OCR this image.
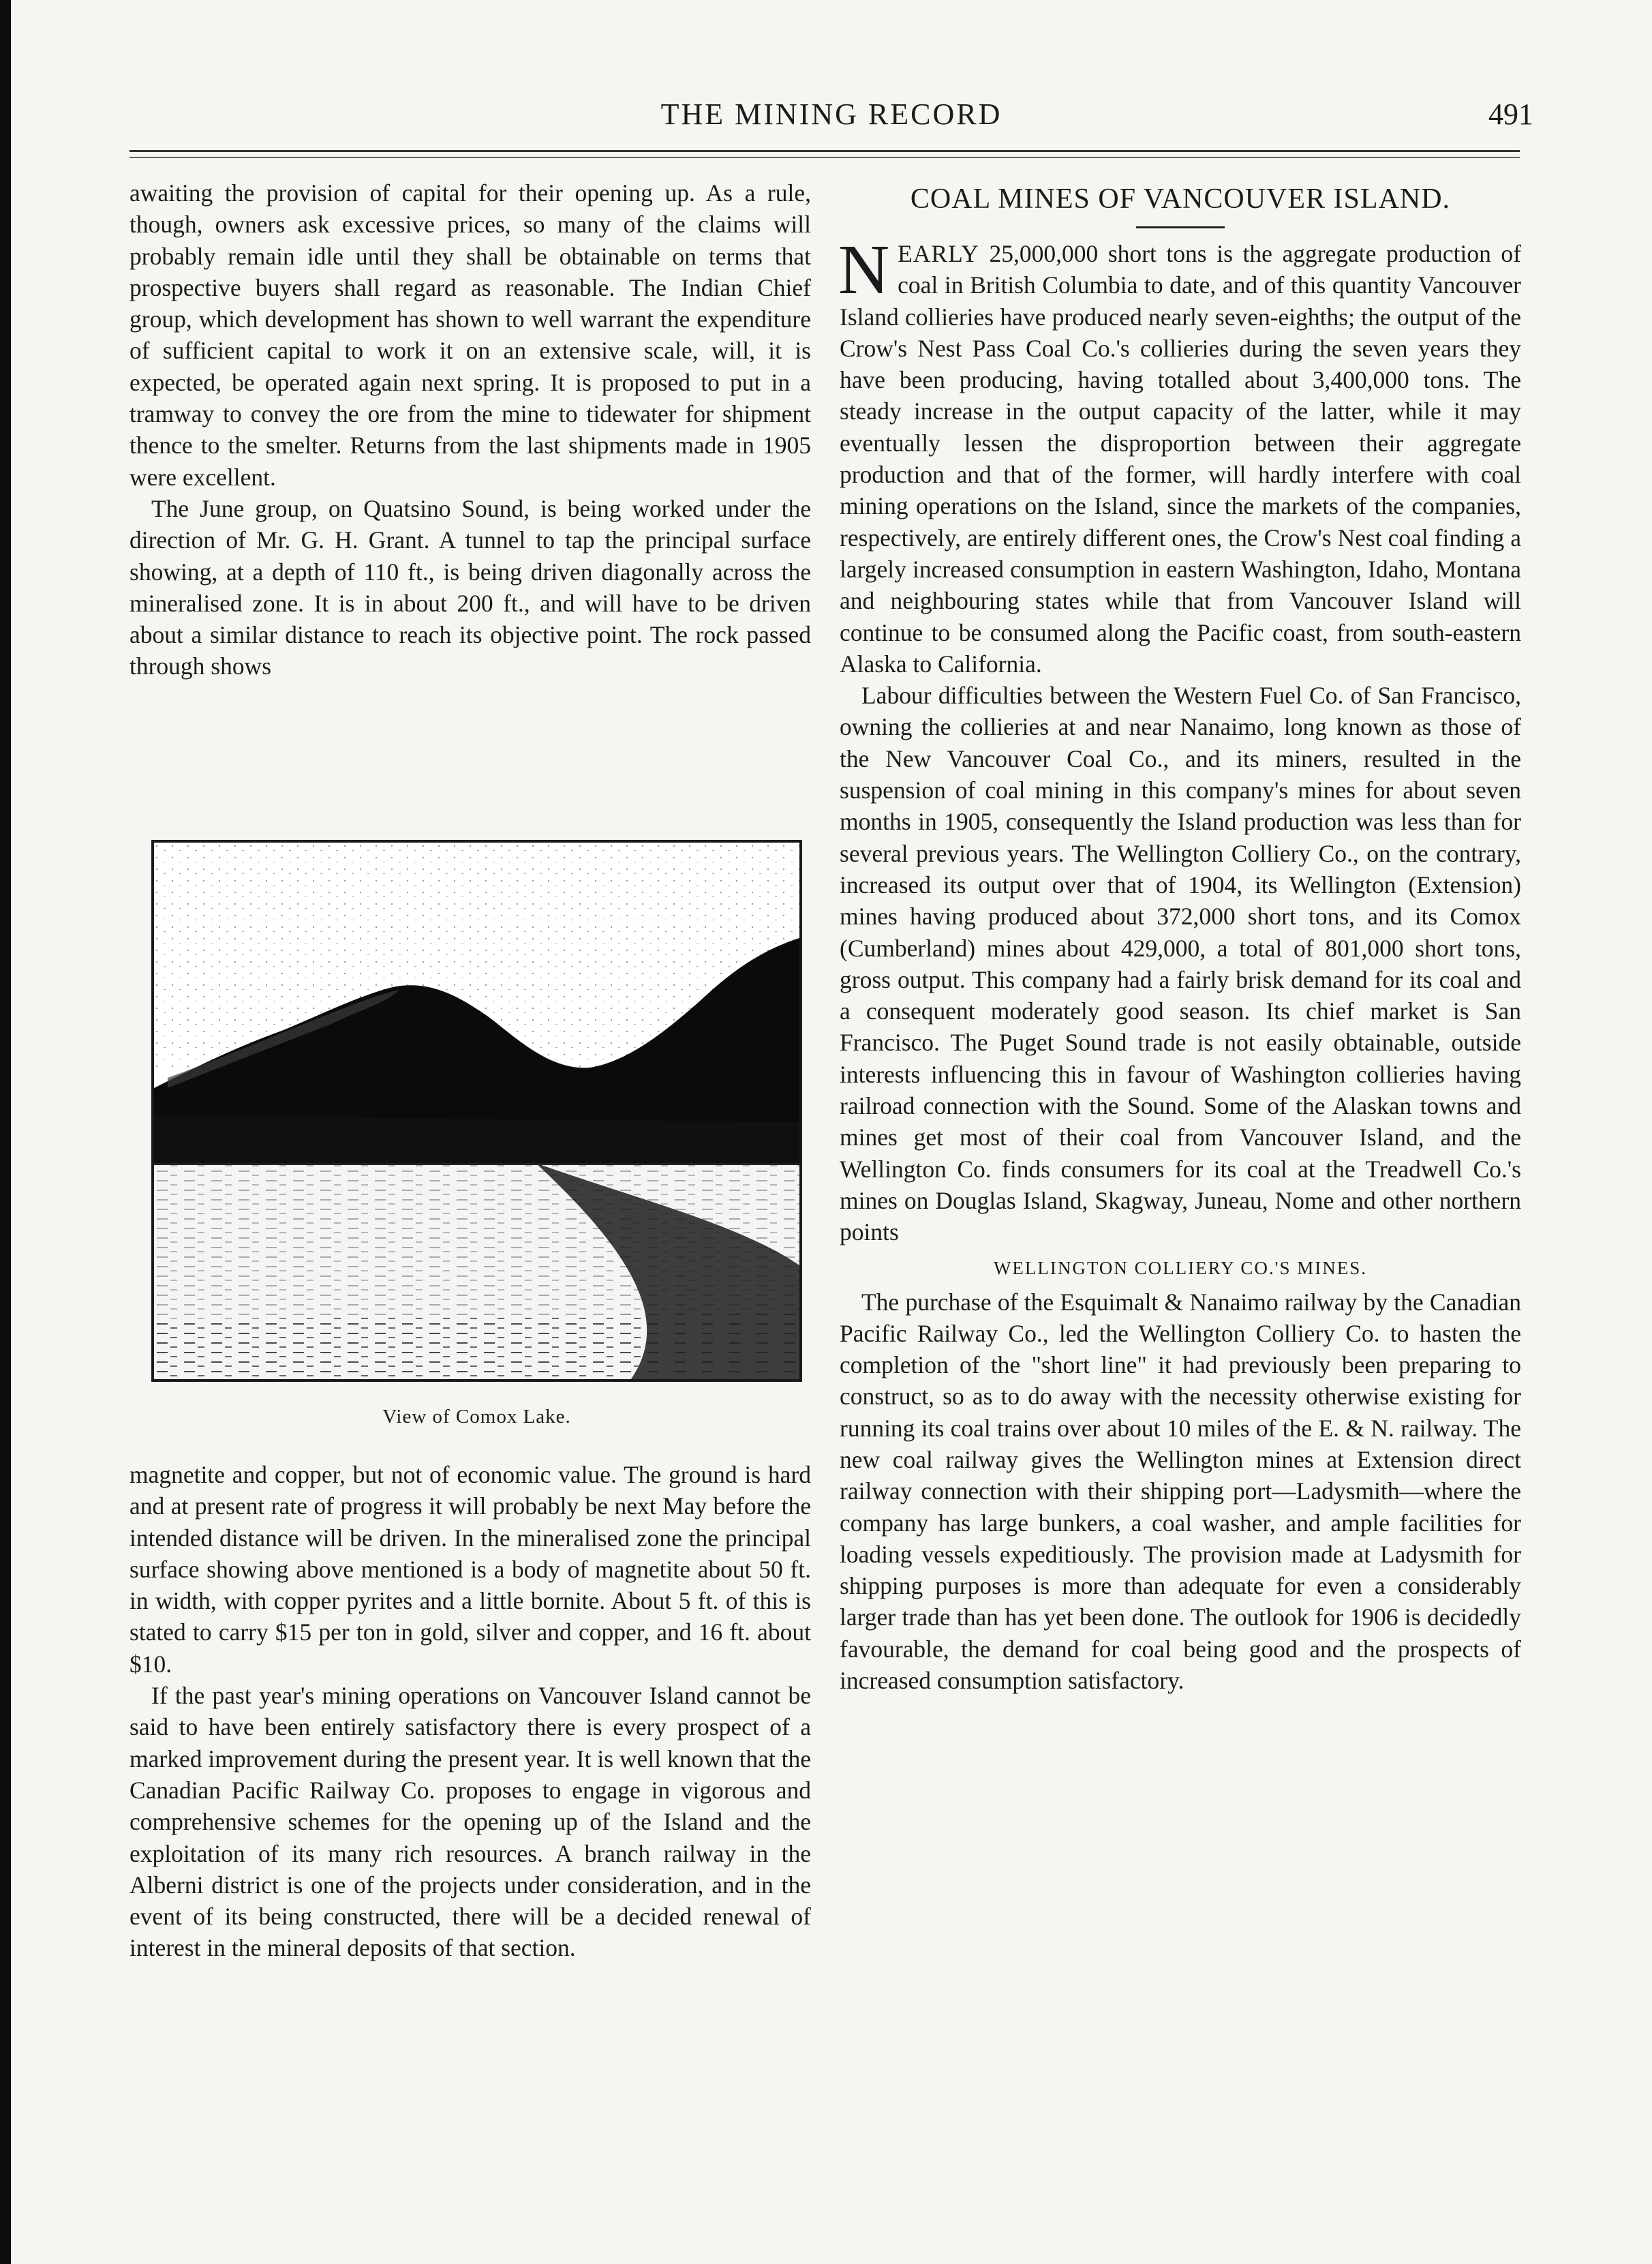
THE MINING RECORD	491

awaiting the provision of capital for their opening up. As a rule, though, owners ask excessive prices, so many of the claims will probably remain idle until they shall be obtainable on terms that prospective buyers shall regard as reasonable. The Indian Chief group, which development has shown to well warrant the expenditure of sufficient capital to work it on an extensive scale, will, it is expected, be operated again next spring. It is proposed to put in a tramway to convey the ore from the mine to tidewater for shipment thence to the smelter. Returns from the last shipments made in 1905 were excellent.

The June group, on Quatsino Sound, is being worked under the direction of Mr. G. H. Grant. A tunnel to tap the principal surface showing, at a depth of 110 ft., is being driven diagonally across the mineralised zone. It is in about 200 ft., and will have to be driven about a similar distance to reach its objective point. The rock passed through shows

View of Comox Lake.

magnetite and copper, but not of economic value. The ground is hard and at present rate of progress it will probably be next May before the intended distance will be driven. In the mineralised zone the principal surface showing above mentioned is a body of magnetite about 50 ft. in width, with copper pyrites and a little bornite. About 5 ft. of this is stated to carry $15 per ton in gold, silver and copper, and 16 ft. about $10.

If the past year's mining operations on Vancouver Island cannot be said to have been entirely satisfactory there is every prospect of a marked improvement during the present year. It is well known that the Canadian Pacific Railway Co. proposes to engage in vigorous and comprehensive schemes for the opening up of the Island and the exploitation of its many rich resources. A branch railway in the Alberni district is one of the projects under consideration, and in the event of its being constructed, there will be a decided renewal of interest in the mineral deposits of that section.

COAL MINES OF VANCOUVER ISLAND.

NEARLY 25,000,000 short tons is the aggregate production of coal in British Columbia to date, and of this quantity Vancouver Island collieries have produced nearly seven-eighths; the output of the Crow's Nest Pass Coal Co.'s collieries during the seven years they have been producing, having totalled about 3,400,000 tons. The steady increase in the output capacity of the latter, while it may eventually lessen the disproportion between their aggregate production and that of the former, will hardly interfere with coal mining operations on the Island, since the markets of the companies, respectively, are entirely different ones, the Crow's Nest coal finding a largely increased consumption in eastern Washington, Idaho, Montana and neighbouring states while that from Vancouver Island will continue to be consumed along the Pacific coast, from south-eastern Alaska to California.

Labour difficulties between the Western Fuel Co. of San Francisco, owning the collieries at and near Nanaimo, long known as those of the New Vancouver Coal Co., and its miners, resulted in the suspension of coal mining in this company's mines for about seven months in 1905, consequently the Island production was less than for several previous years. The Wellington Colliery Co., on the contrary, increased its output over that of 1904, its Wellington (Extension) mines having produced about 372,000 short tons, and its Comox (Cumberland) mines about 429,000, a total of 801,000 short tons, gross output. This company had a fairly brisk demand for its coal and a consequent moderately good season. Its chief market is San Francisco. The Puget Sound trade is not easily obtainable, outside interests influencing this in favour of Washington collieries having railroad connection with the Sound. Some of the Alaskan towns and mines get most of their coal from Vancouver Island, and the Wellington Co. finds consumers for its coal at the Treadwell Co.'s mines on Douglas Island, Skagway, Juneau, Nome and other northern points

WELLINGTON COLLIERY CO.'S MINES.

The purchase of the Esquimalt & Nanaimo railway by the Canadian Pacific Railway Co., led the Wellington Colliery Co. to hasten the completion of the "short line" it had previously been preparing to construct, so as to do away with the necessity otherwise existing for running its coal trains over about 10 miles of the E. & N. railway. The new coal railway gives the Wellington mines at Extension direct railway connection with their shipping port—Ladysmith—where the company has large bunkers, a coal washer, and ample facilities for loading vessels expeditiously. The provision made at Ladysmith for shipping purposes is more than adequate for even a considerably larger trade than has yet been done. The outlook for 1906 is decidedly favourable, the demand for coal being good and the prospects of increased consumption satisfactory.
